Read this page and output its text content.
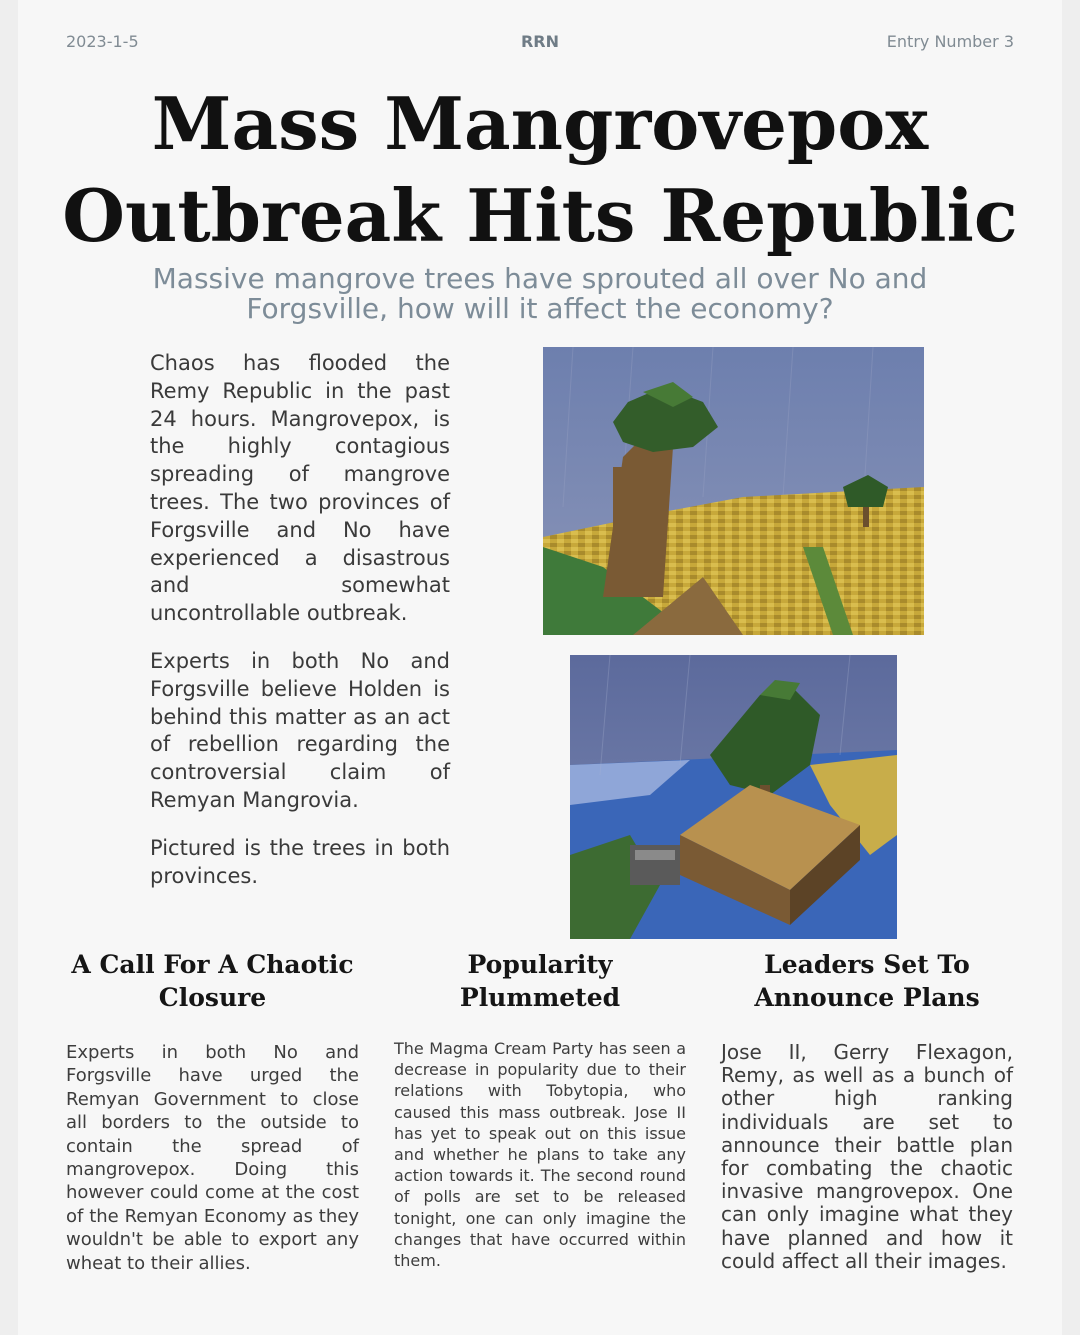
RRN
2023-1-5	Entry Number 3
Mass Mangrovepox
Outbreak Hits Republic

Massive mangrove trees have sprouted all over No and Forgsville, how will it affect the economy?

Chaos has flooded the Remy Republic in the past 24 hours. Mangrovepox, is the highly contagious spreading of mangrove trees. The two provinces of Forgsville and No have experienced a disastrous and somewhat uncontrollable outbreak.

Experts in both No and Forgsville believe Holden is behind this matter as an act of rebellion regarding the controversial claim of Remyan Mangrovia.

Pictured is the trees in both provinces.

A Call For A Chaotic Closure

Experts in both No and Forgsville have urged the Remyan Government to close all borders to the outside to contain the spread of mangrovepox. Doing this however could come at the cost of the Remyan Economy as they wouldn't be able to export any wheat to their allies.

Popularity Plummeted

The Magma Cream Party has seen a decrease in popularity due to their relations with Tobytopia, who caused this mass outbreak. Jose II has yet to speak out on this issue and whether he plans to take any action towards it. The second round of polls are set to be released tonight, one can only imagine the changes that have occurred within them.

Leaders Set To Announce Plans

Jose II, Gerry Flexagon, Remy, as well as a bunch of other high ranking individuals are set to announce their battle plan for combating the chaotic invasive mangrovepox. One can only imagine what they have planned and how it could affect all their images.
